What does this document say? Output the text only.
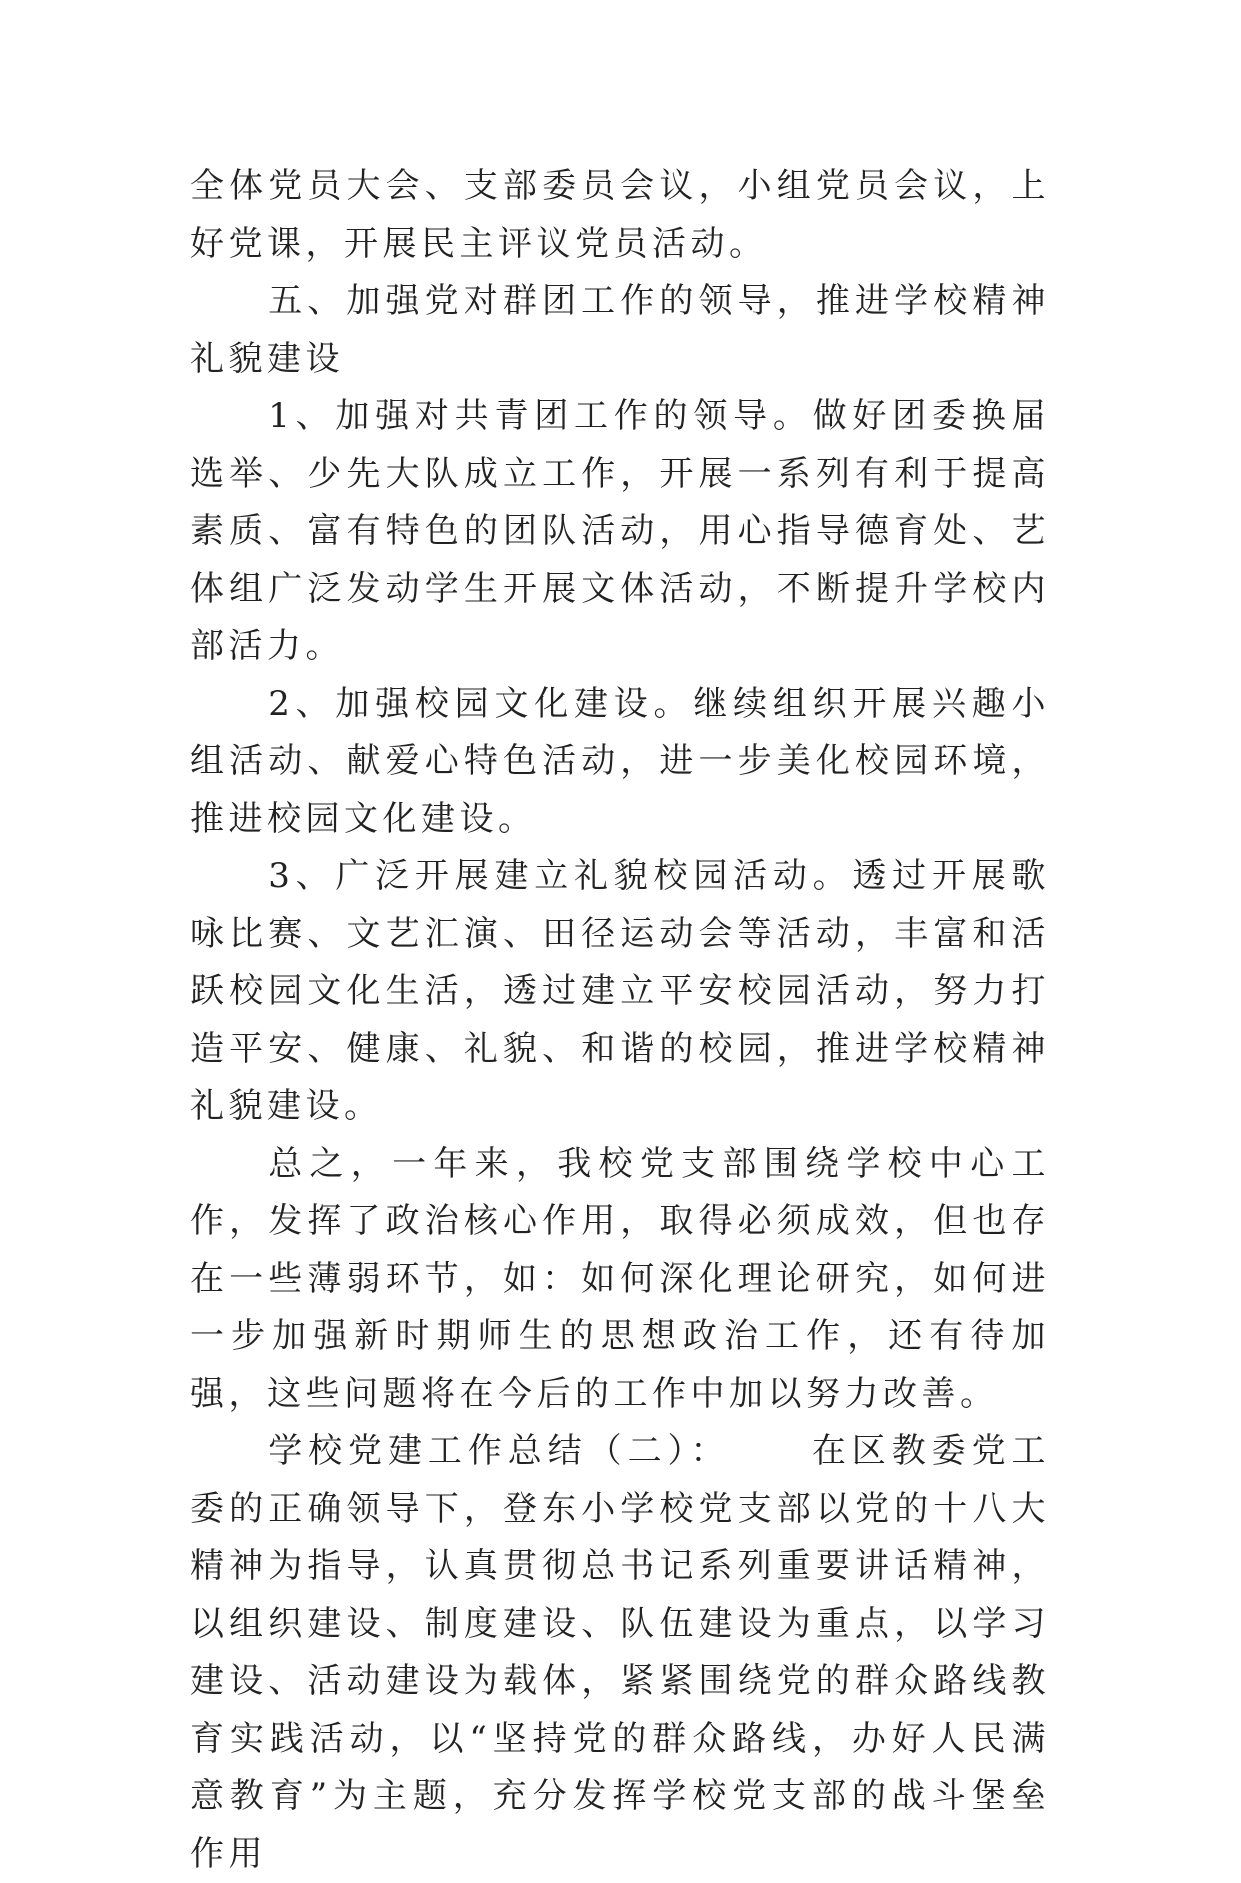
全体党员大会、支部委员会议，小组党员会议，上好党课，开展民主评议党员活动。

五、加强党对群团工作的领导，推进学校精神礼貌建设

1、加强对共青团工作的领导。做好团委换届选举、少先大队成立工作，开展一系列有利于提高素质、富有特色的团队活动，用心指导德育处、艺体组广泛发动学生开展文体活动，不断提升学校内部活力。

2、加强校园文化建设。继续组织开展兴趣小组活动、献爱心特色活动，进一步美化校园环境，推进校园文化建设。

3、广泛开展建立礼貌校园活动。透过开展歌咏比赛、文艺汇演、田径运动会等活动，丰富和活跃校园文化生活，透过建立平安校园活动，努力打造平安、健康、礼貌、和谐的校园，推进学校精神礼貌建设。

总之，一年来，我校党支部围绕学校中心工作，发挥了政治核心作用，取得必须成效，但也存在一些薄弱环节，如：如何深化理论研究，如何进一步加强新时期师生的思想政治工作，还有待加强，这些问题将在今后的工作中加以努力改善。

学校党建工作总结（二）： 在区教委党工委的正确领导下，登东小学校党支部以党的十八大精神为指导，认真贯彻总书记系列重要讲话精神，以组织建设、制度建设、队伍建设为重点，以学习建设、活动建设为载体，紧紧围绕党的群众路线教育实践活动，以“坚持党的群众路线，办好人民满意教育”为主题，充分发挥学校党支部的战斗堡垒作用
